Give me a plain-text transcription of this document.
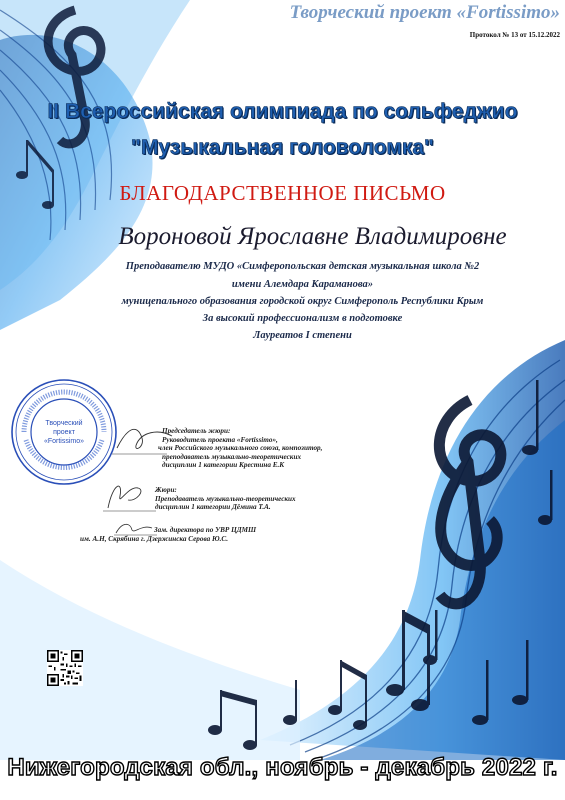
Творческий проект «Fortissimo»
Протокол № 13 от 15.12.2022
II Всероссийская олимпиада по сольфеджио
"Музыкальная головоломка"
БЛАГОДАРСТВЕННОЕ ПИСЬМО
Вороновой Ярославне Владимировне
Преподавателю МУДО «Симферопольская детская музыкальная школа №2
имени Алемдара Карамановa»
муницепального образования городской округ Симферополь Республики Крым
За высокий профессионализм в подготовке
Лауреатов I степени
Творческий
проект
«Fortissimo»
Председатель жюри:
Руководитель проекта «Fortissimo»,
член Российского музыкального союза, композитор,
преподаватель музыкально-теоретических
дисциплин 1 категории Крестина Е.К
Жюри:
Преподаватель музыкально-теоретических
дисциплин 1 категории Дёмина Т.А.
Зам. директора по УВР ЦДМШ
им. А.Н, Скрябина г. Дзержинска Серова Ю.С.
Нижегородская обл., ноябрь - декабрь 2022 г.
